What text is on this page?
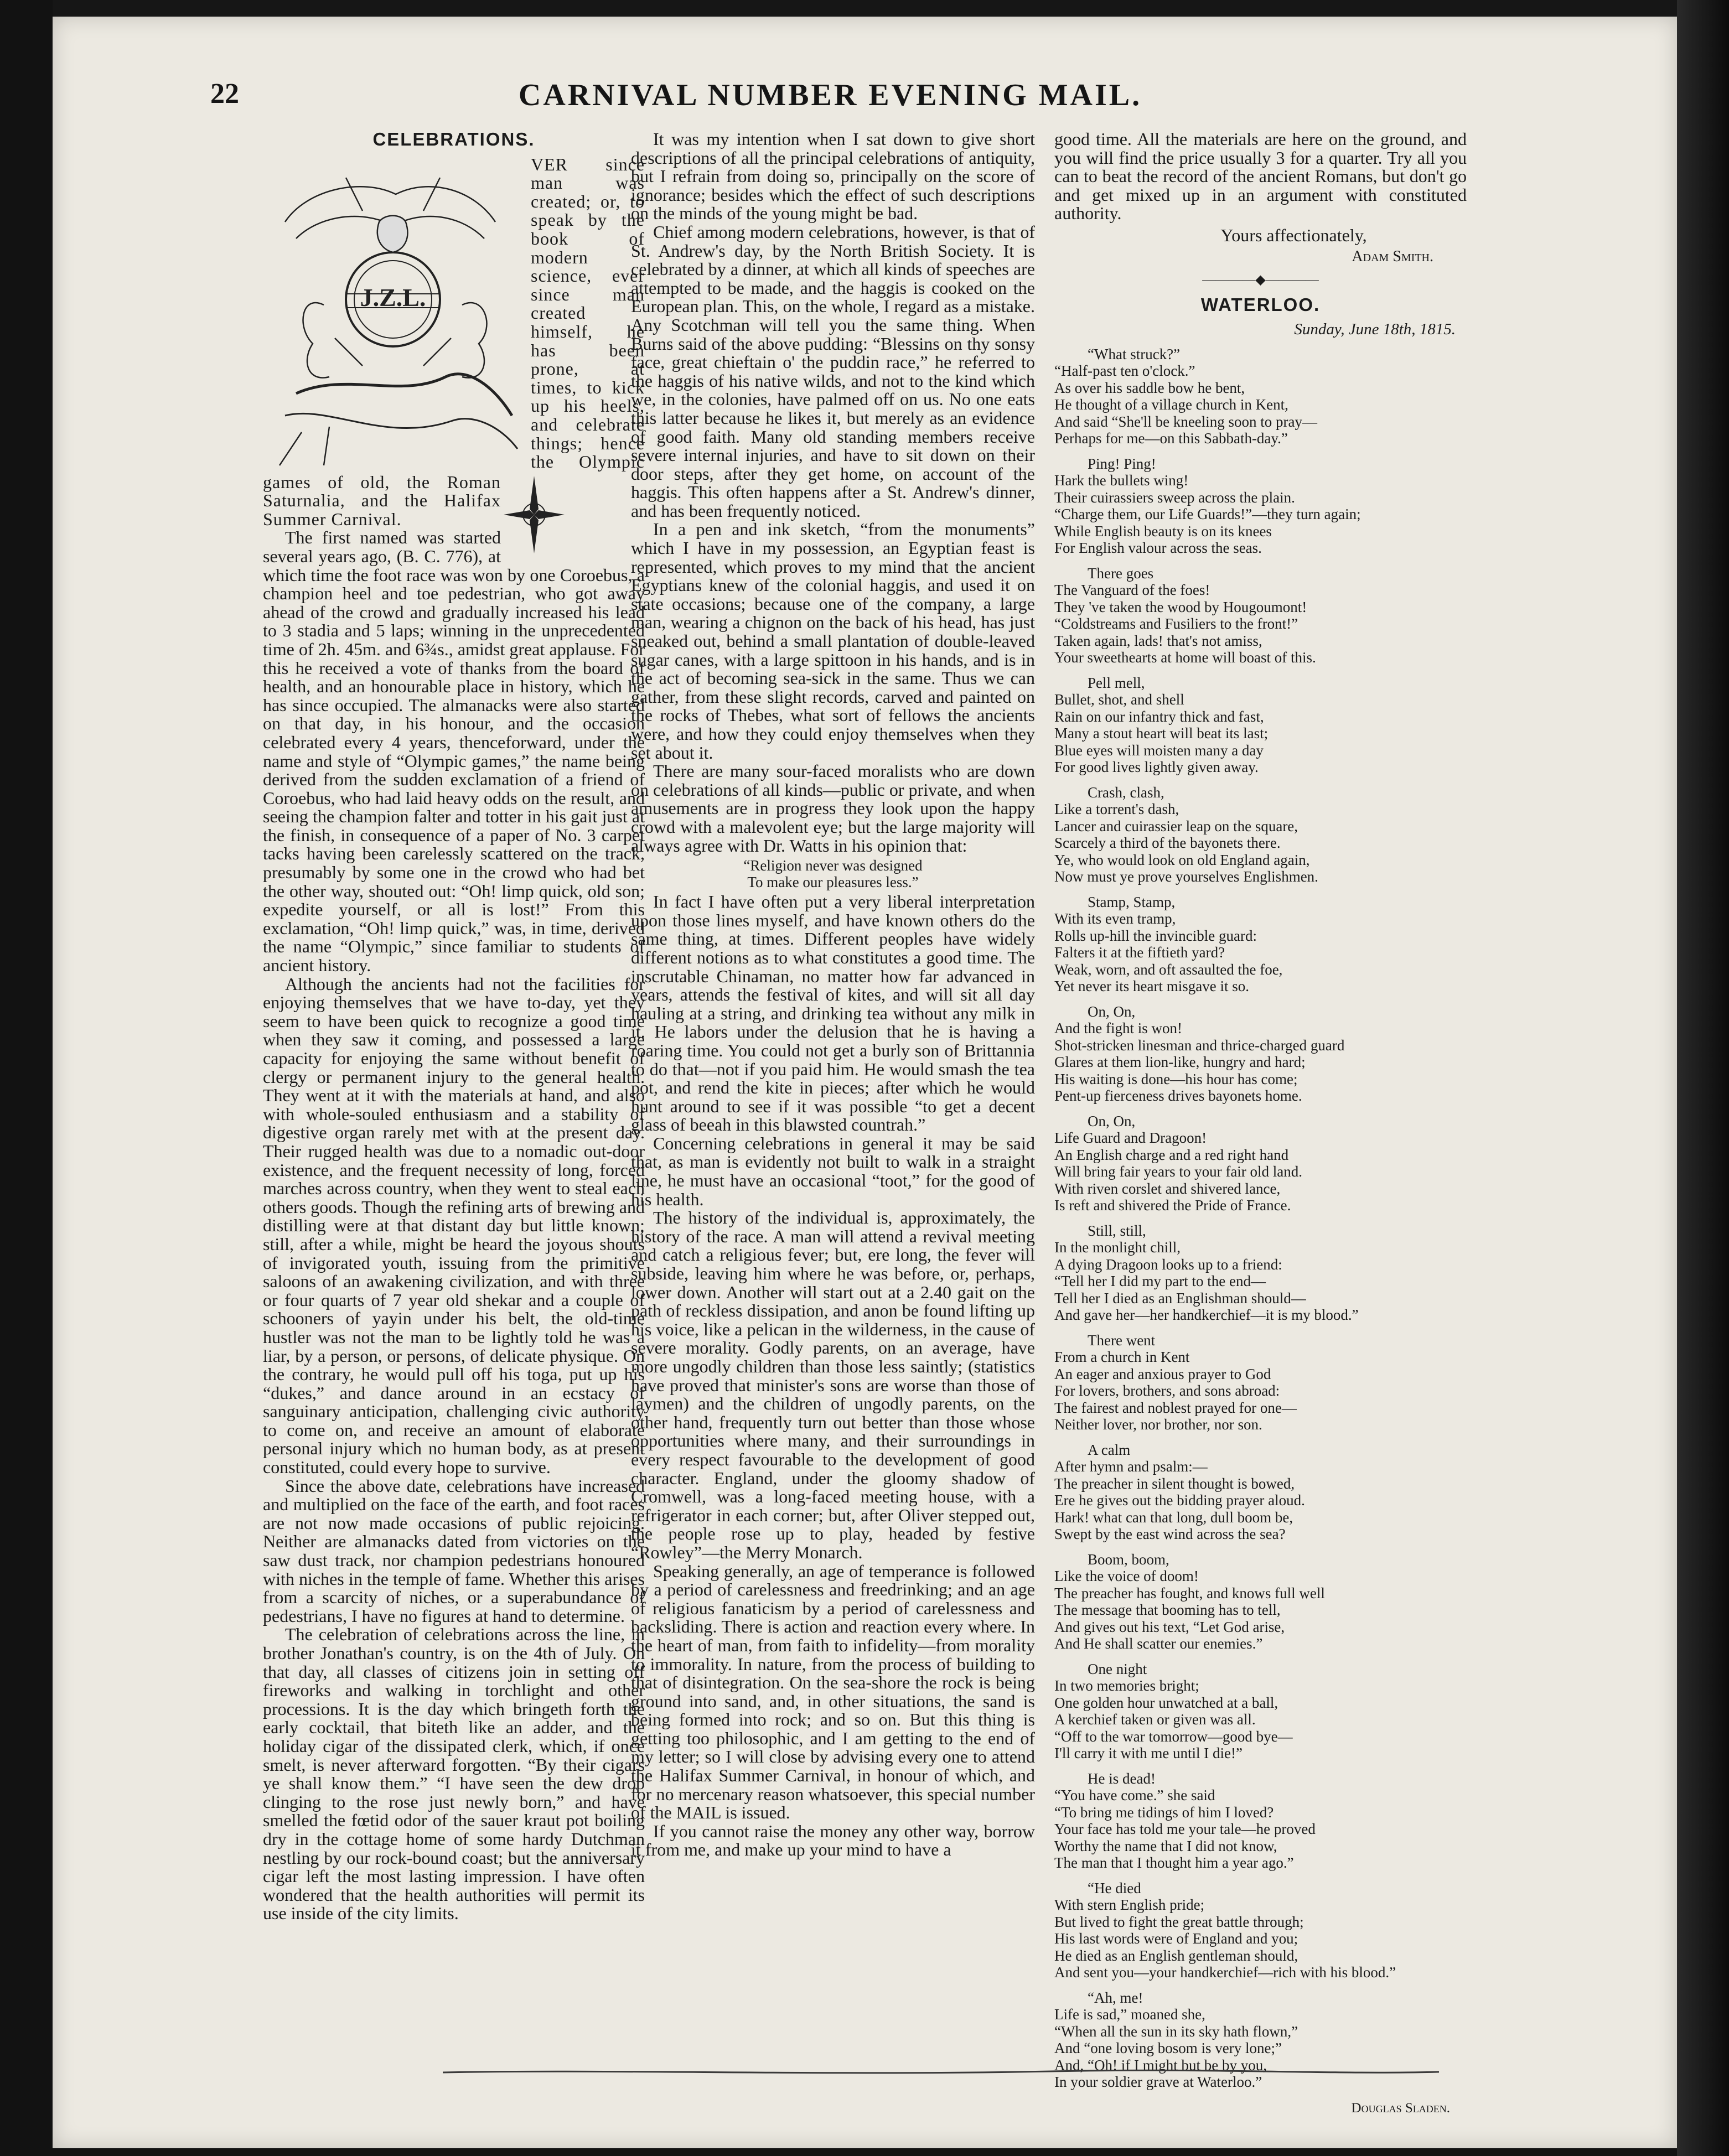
22	CARNIVAL NUMBER EVENING MAIL.
CELEBRATIONS.
J.Z.L.

VER since man was created; or, to speak by the book of modern science, ever since man created himself, he has been prone, at times, to kick up his heels, and celebrate things; hence the Olympic games of old, the Roman Saturnalia, and the Halifax Summer Carnival.

The first named was started several years ago, (B. C. 776), at which time the foot race was won by one Coroebus, a champion heel and toe pedestrian, who got away ahead of the crowd and gradually increased his lead to 3 stadia and 5 laps; winning in the unprecedented time of 2h. 45m. and 6¾s., amidst great applause. For this he received a vote of thanks from the board of health, and an honourable place in history, which he has since occupied. The almanacks were also started on that day, in his honour, and the occasion celebrated every 4 years, thenceforward, under the name and style of “Olympic games,” the name being derived from the sudden exclamation of a friend of Coroebus, who had laid heavy odds on the result, and seeing the champion falter and totter in his gait just at the finish, in consequence of a paper of No. 3 carpet tacks having been carelessly scattered on the track, presumably by some one in the crowd who had bet the other way, shouted out: “Oh! limp quick, old son; expedite yourself, or all is lost!” From this exclamation, “Oh! limp quick,” was, in time, derived the name “Olympic,” since familiar to students of ancient history.

Although the ancients had not the facilities for enjoying themselves that we have to-day, yet they seem to have been quick to recognize a good time when they saw it coming, and possessed a large capacity for enjoying the same without benefit of clergy or permanent injury to the general health. They went at it with the materials at hand, and also with whole-souled enthusiasm and a stability of digestive organ rarely met with at the present day. Their rugged health was due to a nomadic out-door existence, and the frequent necessity of long, forced marches across country, when they went to steal each others goods. Though the refining arts of brewing and distilling were at that distant day but little known; still, after a while, might be heard the joyous shouts of invigorated youth, issuing from the primitive saloons of an awakening civilization, and with three or four quarts of 7 year old shekar and a couple of schooners of yayin under his belt, the old-time hustler was not the man to be lightly told he was a liar, by a person, or persons, of delicate physique. On the contrary, he would pull off his toga, put up his “dukes,” and dance around in an ecstacy of sanguinary anticipation, challenging civic authority to come on, and receive an amount of elaborate personal injury which no human body, as at present constituted, could every hope to survive.

Since the above date, celebrations have increased and multiplied on the face of the earth, and foot races are not now made occasions of public rejoicing. Neither are almanacks dated from victories on the saw dust track, nor champion pedestrians honoured with niches in the temple of fame. Whether this arises from a scarcity of niches, or a superabundance of pedestrians, I have no figures at hand to determine.

The celebration of celebrations across the line, in brother Jonathan's country, is on the 4th of July. On that day, all classes of citizens join in setting off fireworks and walking in torchlight and other processions. It is the day which bringeth forth the early cocktail, that biteth like an adder, and the holiday cigar of the dissipated clerk, which, if once smelt, is never afterward forgotten. “By their cigars ye shall know them.” “I have seen the dew drop clinging to the rose just newly born,” and have smelled the fœtid odor of the sauer kraut pot boiling dry in the cottage home of some hardy Dutchman nestling by our rock-bound coast; but the anniversary cigar left the most lasting impression. I have often wondered that the health authorities will permit its use inside of the city limits.

It was my intention when I sat down to give short descriptions of all the principal celebrations of antiquity, but I refrain from doing so, principally on the score of ignorance; besides which the effect of such descriptions on the minds of the young might be bad.

Chief among modern celebrations, however, is that of St. Andrew's day, by the North British Society. It is celebrated by a dinner, at which all kinds of speeches are attempted to be made, and the haggis is cooked on the European plan. This, on the whole, I regard as a mistake. Any Scotchman will tell you the same thing. When Burns said of the above pudding: “Blessins on thy sonsy face, great chieftain o' the puddin race,” he referred to the haggis of his native wilds, and not to the kind which we, in the colonies, have palmed off on us. No one eats this latter because he likes it, but merely as an evidence of good faith. Many old standing members receive severe internal injuries, and have to sit down on their door steps, after they get home, on account of the haggis. This often happens after a St. Andrew's dinner, and has been frequently noticed.

In a pen and ink sketch, “from the monuments” which I have in my possession, an Egyptian feast is represented, which proves to my mind that the ancient Egyptians knew of the colonial haggis, and used it on state occasions; because one of the company, a large man, wearing a chignon on the back of his head, has just sneaked out, behind a small plantation of double-leaved sugar canes, with a large spittoon in his hands, and is in the act of becoming sea-sick in the same. Thus we can gather, from these slight records, carved and painted on the rocks of Thebes, what sort of fellows the ancients were, and how they could enjoy themselves when they set about it.

There are many sour-faced moralists who are down on celebrations of all kinds—public or private, and when amusements are in progress they look upon the happy crowd with a malevolent eye; but the large majority will always agree with Dr. Watts in his opinion that:

“Religion never was designed
To make our pleasures less.”

In fact I have often put a very liberal interpretation upon those lines myself, and have known others do the same thing, at times. Different peoples have widely different notions as to what constitutes a good time. The inscrutable Chinaman, no matter how far advanced in years, attends the festival of kites, and will sit all day hauling at a string, and drinking tea without any milk in it. He labors under the delusion that he is having a roaring time. You could not get a burly son of Brittannia to do that—not if you paid him. He would smash the tea pot, and rend the kite in pieces; after which he would hunt around to see if it was possible “to get a decent glass of beeah in this blawsted countrah.”

Concerning celebrations in general it may be said that, as man is evidently not built to walk in a straight line, he must have an occasional “toot,” for the good of his health.

The history of the individual is, approximately, the history of the race. A man will attend a revival meeting and catch a religious fever; but, ere long, the fever will subside, leaving him where he was before, or, perhaps, lower down. Another will start out at a 2.40 gait on the path of reckless dissipation, and anon be found lifting up his voice, like a pelican in the wilderness, in the cause of severe morality. Godly parents, on an average, have more ungodly children than those less saintly; (statistics have proved that minister's sons are worse than those of laymen) and the children of ungodly parents, on the other hand, frequently turn out better than those whose opportunities where many, and their surroundings in every respect favourable to the development of good character. England, under the gloomy shadow of Cromwell, was a long-faced meeting house, with a refrigerator in each corner; but, after Oliver stepped out, the people rose up to play, headed by festive “Rowley”—the Merry Monarch.

Speaking generally, an age of temperance is followed by a period of carelessness and freedrinking; and an age of religious fanaticism by a period of carelessness and backsliding. There is action and reaction every where. In the heart of man, from faith to infidelity—from morality to immorality. In nature, from the process of building to that of disintegration. On the sea-shore the rock is being ground into sand, and, in other situations, the sand is being formed into rock; and so on. But this thing is getting too philosophic, and I am getting to the end of my letter; so I will close by advising every one to attend the Halifax Summer Carnival, in honour of which, and for no mercenary reason whatsoever, this special number of the MAIL is issued.

If you cannot raise the money any other way, borrow it from me, and make up your mind to have a

good time. All the materials are here on the ground, and you will find the price usually 3 for a quarter. Try all you can to beat the record of the ancient Romans, but don't go and get mixed up in an argument with constituted authority.

Yours affectionately,
Adam Smith.
————◆————
WATERLOO.
Sunday, June 18th, 1815.
“What struck?”
“Half-past ten o'clock.”
As over his saddle bow he bent,
He thought of a village church in Kent,
And said “She'll be kneeling soon to pray—
Perhaps for me—on this Sabbath-day.”
Ping! Ping!
Hark the bullets wing!
Their cuirassiers sweep across the plain.
“Charge them, our Life Guards!”—they turn again;
While English beauty is on its knees
For English valour across the seas.
There goes
The Vanguard of the foes!
They 've taken the wood by Hougoumont!
“Coldstreams and Fusiliers to the front!”
Taken again, lads! that's not amiss,
Your sweethearts at home will boast of this.
Pell mell,
Bullet, shot, and shell
Rain on our infantry thick and fast,
Many a stout heart will beat its last;
Blue eyes will moisten many a day
For good lives lightly given away.
Crash, clash,
Like a torrent's dash,
Lancer and cuirassier leap on the square,
Scarcely a third of the bayonets there.
Ye, who would look on old England again,
Now must ye prove yourselves Englishmen.
Stamp, Stamp,
With its even tramp,
Rolls up-hill the invincible guard:
Falters it at the fiftieth yard?
Weak, worn, and oft assaulted the foe,
Yet never its heart misgave it so.
On, On,
And the fight is won!
Shot-stricken linesman and thrice-charged guard
Glares at them lion-like, hungry and hard;
His waiting is done—his hour has come;
Pent-up fierceness drives bayonets home.
On, On,
Life Guard and Dragoon!
An English charge and a red right hand
Will bring fair years to your fair old land.
With riven corslet and shivered lance,
Is reft and shivered the Pride of France.
Still, still,
In the monlight chill,
A dying Dragoon looks up to a friend:
“Tell her I did my part to the end—
Tell her I died as an Englishman should—
And gave her—her handkerchief—it is my blood.”
There went
From a church in Kent
An eager and anxious prayer to God
For lovers, brothers, and sons abroad:
The fairest and noblest prayed for one—
Neither lover, nor brother, nor son.
A calm
After hymn and psalm:—
The preacher in silent thought is bowed,
Ere he gives out the bidding prayer aloud.
Hark! what can that long, dull boom be,
Swept by the east wind across the sea?
Boom, boom,
Like the voice of doom!
The preacher has fought, and knows full well
The message that booming has to tell,
And gives out his text, “Let God arise,
And He shall scatter our enemies.”
One night
In two memories bright;
One golden hour unwatched at a ball,
A kerchief taken or given was all.
“Off to the war tomorrow—good bye—
I'll carry it with me until I die!”
He is dead!
“You have come.” she said
“To bring me tidings of him I loved?
Your face has told me your tale—he proved
Worthy the name that I did not know,
The man that I thought him a year ago.”
“He died
With stern English pride;
But lived to fight the great battle through;
His last words were of England and you;
He died as an English gentleman should,
And sent you—your handkerchief—rich with his blood.”
“Ah, me!
Life is sad,” moaned she,
“When all the sun in its sky hath flown,”
And “one loving bosom is very lone;”
And, “Oh! if I might but be by you,
In your soldier grave at Waterloo.”
Douglas Sladen.
